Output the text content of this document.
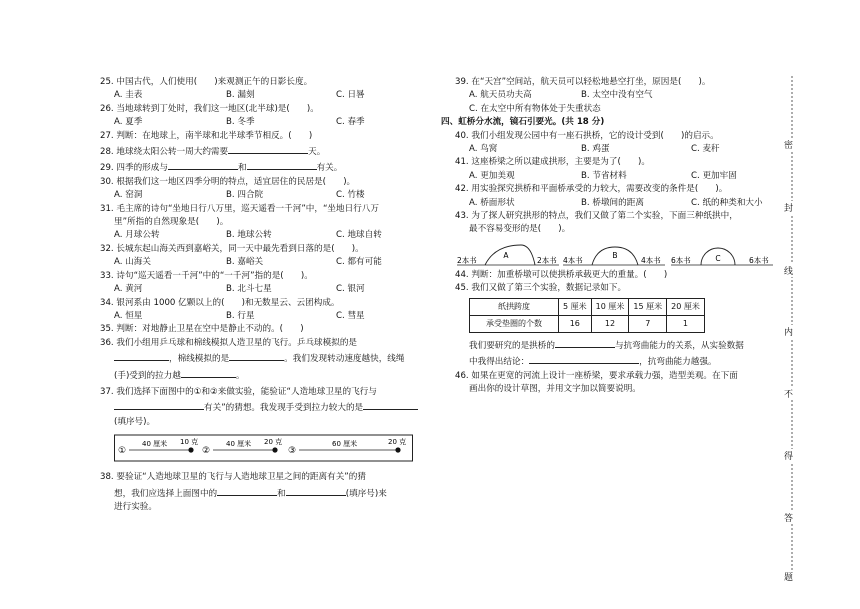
25. 中国古代，人们使用(　　)来观测正午的日影长度。

A. 圭表	B. 漏刻	C. 日晷

26. 当地球转到丁处时，我们这一地区(北半球)是(　　)。

A. 夏季	B. 冬季	C. 春季

27. 判断：在地球上，南半球和北半球季节相反。(　　)

28. 地球绕太阳公转一周大约需要	天。

29. 四季的形成与	和	有关。

30. 根据我们这一地区四季分明的特点，适宜居住的民居是(　　)。

A. 窑洞	B. 四合院	C. 竹楼

31. 毛主席的诗句“坐地日行八万里，巡天遥看一千河”中，“坐地日行八万

里”所指的自然现象是(　　)。

A. 月球公转	B. 地球公转	C. 地球自转

32. 长城东起山海关西到嘉峪关，同一天中最先看到日落的是(　　)。

A. 山海关	B. 嘉峪关	C. 都有可能

33. 诗句“巡天遥看一千河”中的“一千河”指的是(　　)。

A. 黄河	B. 北斗七星	C. 银河

34. 银河系由 1000 亿颗以上的(　　)和无数星云、云团构成。

A. 恒星	B. 行星	C. 彗星

35. 判断：对地静止卫星在空中是静止不动的。(　　)

36. 我们小组用乒乓球和棉线模拟人造卫星的飞行。乒乓球模拟的是

，棉线模拟的是	。我们发现转动速度越快，线绳

(手)受到的拉力越	。

37. 我们选择下面图中的①和②来做实验，能验证“人造地球卫星的飞行与

有关”的猜想。我发现手受到拉力较大的是

(填序号)。

①
40 厘米 10 克
②
40 厘米 20 克
③
60 厘米	20 克

38. 要验证“人造地球卫星的飞行与人造地球卫星之间的距离有关”的猜

想，我们应选择上面图中的	和	(填序号)来

进行实验。

39. 在“天宫”空间站，航天员可以轻松地悬空打坐，原因是(　　)。

A. 航天员功夫高	B. 太空中没有空气

C. 在太空中所有物体处于失重状态

四、虹桥分水流，镜石引要光。(共 18 分)

40. 我们小组发现公园中有一座石拱桥，它的设计受到(　　)的启示。

A. 鸟窝	B. 鸡蛋	C. 麦秆

41. 这座桥梁之所以建成拱形，主要是为了(　　)。

A. 更加美观	B. 节省材料	C. 更加牢固

42. 用实验探究拱桥和平面桥承受的力较大，需要改变的条件是(　　)。

A. 桥面形状	B. 桥墩间的距离	C. 纸的种类和大小

43. 为了探人研究拱形的特点，我们又做了第二个实验，下面三种纸拱中，

最不容易变形的是(　　)。

2本书
A
2本书 4本书
B
4本书 6本书	C	6本书

44. 判断：加重桥墩可以使拱桥承载更大的重量。(　　)

45. 我们又做了第三个实验，数据记录如下。

纸拱跨度	5 厘米	10 厘米	15 厘米	20 厘米
承受垫圈的个数	16	12	7	1

我们要研究的是拱桥的	与抗弯曲能力的关系，从实验数据

中我得出结论：	，抗弯曲能力越强。

46. 如果在更宽的河流上设计一座桥梁，要求承载力强，造型美观。在下面

画出你的设计草图，并用文字加以简要说明。

密
封
线
内
不
得
答
题
